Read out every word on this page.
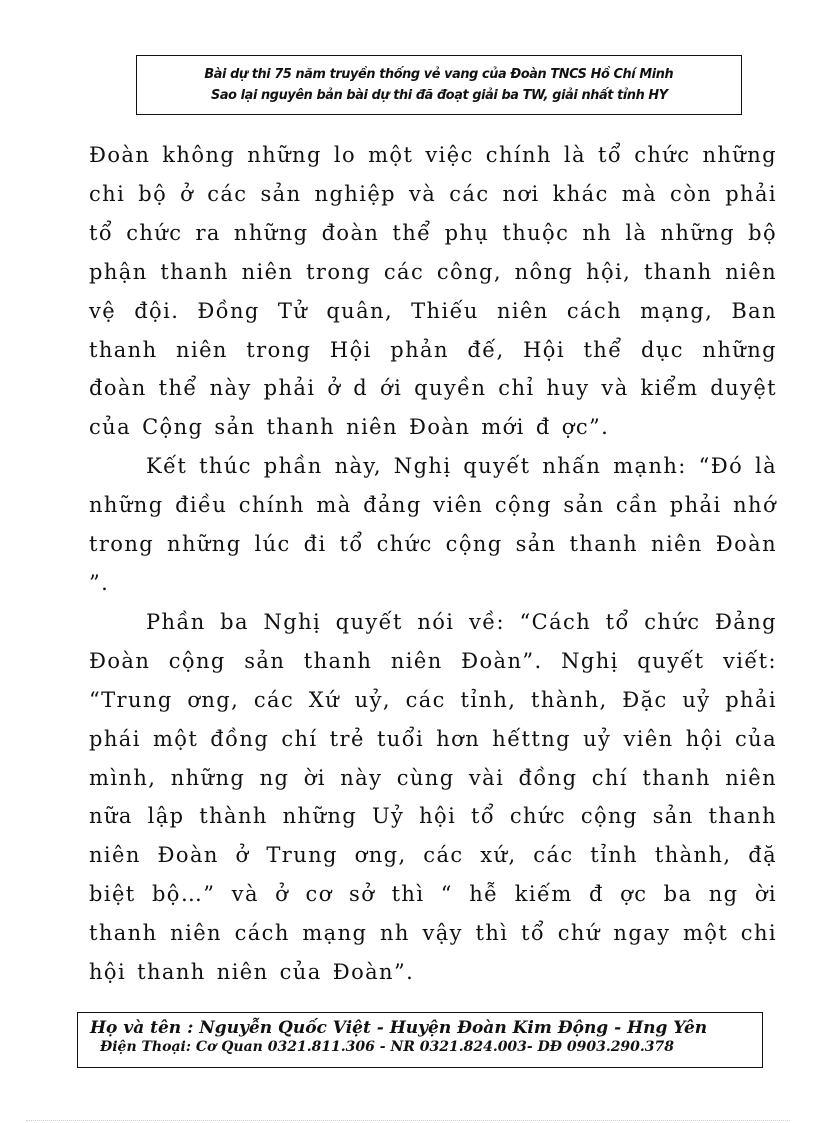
Bài dự thi 75 năm truyền thống vẻ vang của Đoàn TNCS Hồ Chí Minh
Sao lại nguyên bản bài dự thi đã đoạt giải ba TW, giải nhất tỉnh HY

Đoàn không những lo một việc chính là tổ chức những chi bộ ở các sản nghiệp và các nơi khác mà còn phải tổ chức ra những đoàn thể phụ thuộc nh là những bộ phận thanh niên trong các công, nông hội, thanh niên vệ đội. Đồng Tử quân, Thiếu niên cách mạng, Ban thanh niên trong Hội phản đế, Hội thể dục những đoàn thể này phải ở d ới quyền chỉ huy và kiểm duyệt của Cộng sản thanh niên Đoàn mới đ ợc”.

Kết thúc phần này, Nghị quyết nhấn mạnh: “Đó là những điều chính mà đảng viên cộng sản cần phải nhớ trong những lúc đi tổ chức cộng sản thanh niên Đoàn ”.

Phần ba Nghị quyết nói về: “Cách tổ chức Đảng Đoàn cộng sản thanh niên Đoàn”. Nghị quyết viết: “Trung ơng, các Xứ uỷ, các tỉnh, thành, Đặc uỷ phải phái một đồng chí trẻ tuổi hơn hếttng uỷ viên hội của mình, những ng ời này cùng vài đồng chí thanh niên nữa lập thành những Uỷ hội tổ chức cộng sản thanh niên Đoàn ở Trung ơng, các xứ, các tỉnh thành, đặ biệt bộ…” và ở cơ sở thì “ hễ kiếm đ ợc ba ng ời thanh niên cách mạng nh vậy thì tổ chứ ngay một chi hội thanh niên của Đoàn”.

Họ và tên : Nguyễn Quốc Việt - Huyện Đoàn Kim Động - Hng Yên
Điện Thoại: Cơ Quan 0321.811.306 - NR 0321.824.003- DĐ 0903.290.378
